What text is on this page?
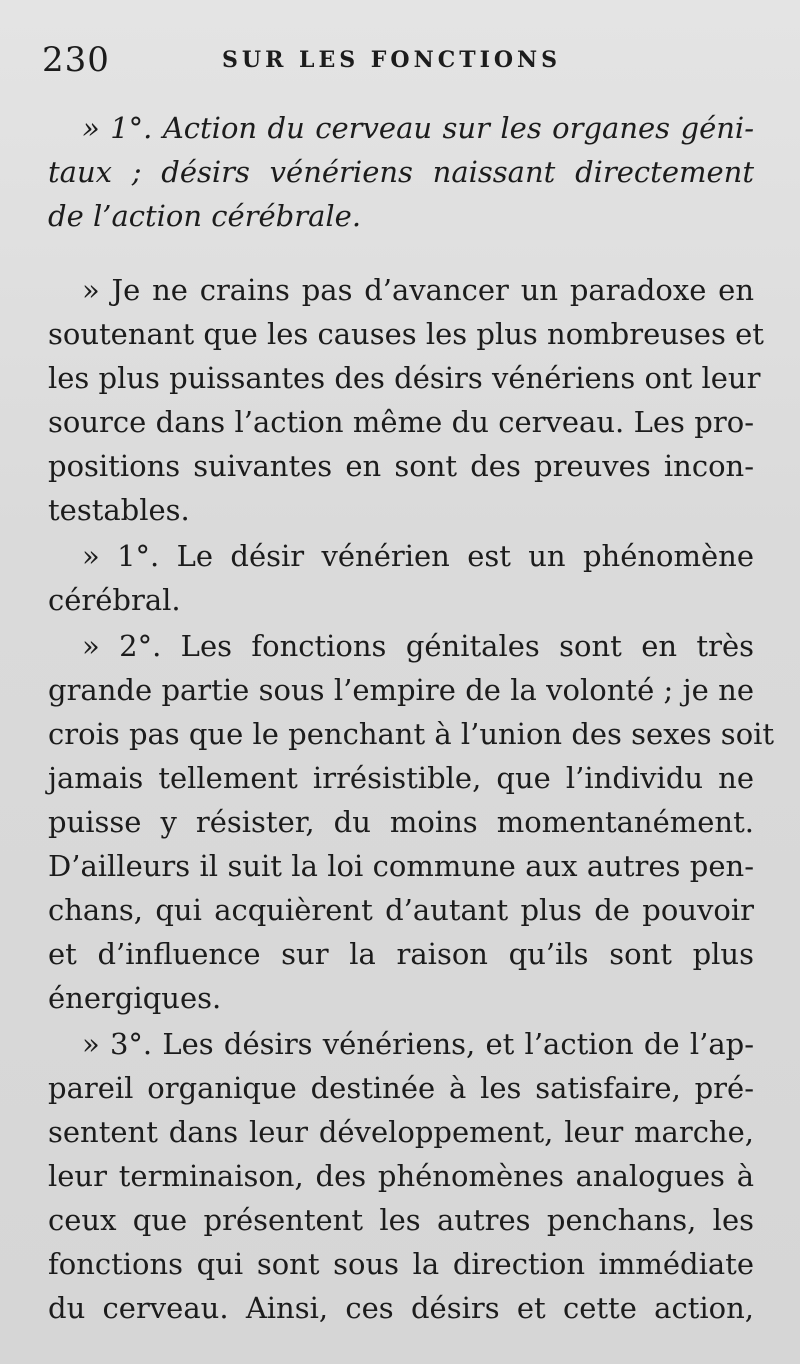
230	SUR LES FONCTIONS
» 1°. Action du cerveau sur les organes géni-
taux ; désirs vénériens naissant directement
de l’action cérébrale.
» Je ne crains pas d’avancer un paradoxe en
soutenant que les causes les plus nombreuses et
les plus puissantes des désirs vénériens ont leur
source dans l’action même du cerveau. Les pro-
positions suivantes en sont des preuves incon-
testables.
» 1°. Le désir vénérien est un phénomène
cérébral.
» 2°. Les fonctions génitales sont en très
grande partie sous l’empire de la volonté ; je ne
crois pas que le penchant à l’union des sexes soit
jamais tellement irrésistible, que l’individu ne
puisse y résister, du moins momentanément.
D’ailleurs il suit la loi commune aux autres pen-
chans, qui acquièrent d’autant plus de pouvoir
et d’influence sur la raison qu’ils sont plus
énergiques.
» 3°. Les désirs vénériens, et l’action de l’ap-
pareil organique destinée à les satisfaire, pré-
sentent dans leur développement, leur marche,
leur terminaison, des phénomènes analogues à
ceux que présentent les autres penchans, les
fonctions qui sont sous la direction immédiate
du cerveau. Ainsi, ces désirs et cette action,
